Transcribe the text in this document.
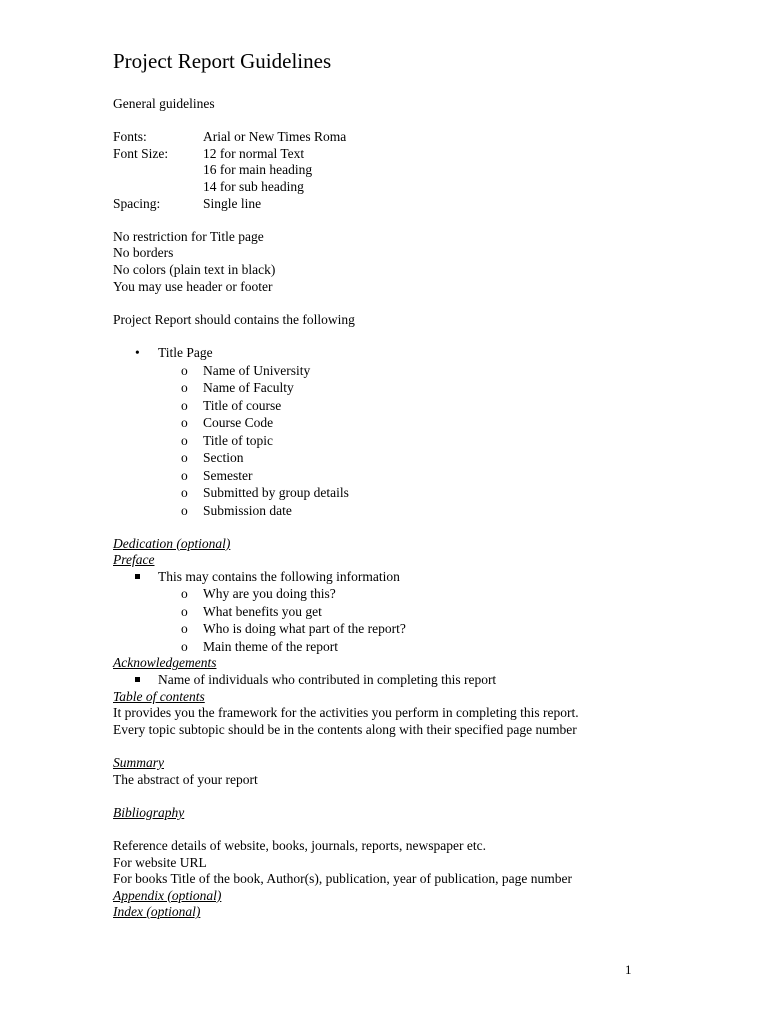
Project Report Guidelines
General guidelines
Fonts:	Arial or New Times Roma
Font Size:	12 for normal Text
16 for main heading
14 for sub heading
Spacing:	Single line
No restriction for Title page
No borders
No colors (plain text in black)
You may use header or footer
Project Report should contains the following
•	Title Page
o Name of University
o Name of Faculty
o Title of course
o Course Code
o Title of topic
o Section
o Semester
o Submitted by group details
o Submission date
Dedication (optional)
Preface
This may contains the following information
o Why are you doing this?
o What benefits you get
o Who is doing what part of the report?
o Main theme of the report
Acknowledgements
Name of individuals who contributed in completing this report
Table of contents
It provides you the framework for the activities you perform in completing this report.
Every topic subtopic should be in the contents along with their specified page number
Summary
The abstract of your report
Bibliography
Reference details of website, books, journals, reports, newspaper etc.
For website URL
For books Title of the book, Author(s), publication, year of publication, page number
Appendix (optional)
Index (optional)
1
